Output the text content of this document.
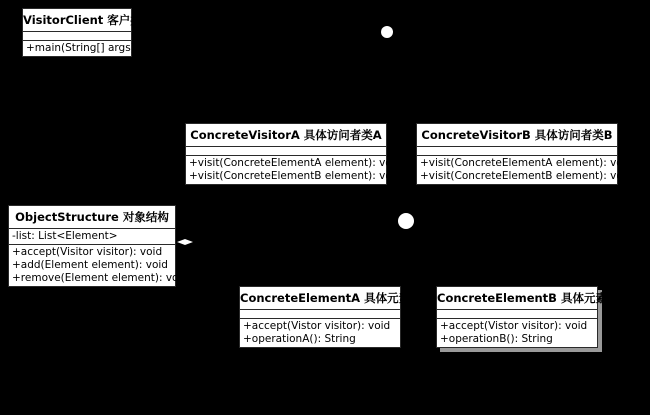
VisitorClient 客户类
+main(String[] args)
ConcreteVisitorA 具体访问者类A
+visit(ConcreteElementA element): void
+visit(ConcreteElementB element): void
ConcreteVisitorB 具体访问者类B
+visit(ConcreteElementA element): void
+visit(ConcreteElementB element): void
ObjectStructure 对象结构
-list: List<Element>
+accept(Visitor visitor): void
+add(Element element): void
+remove(Element element): void
ConcreteElementA 具体元素A
+accept(Vistor visitor): void
+operationA(): String
ConcreteElementB 具体元素B
+accept(Vistor visitor): void
+operationB(): String
